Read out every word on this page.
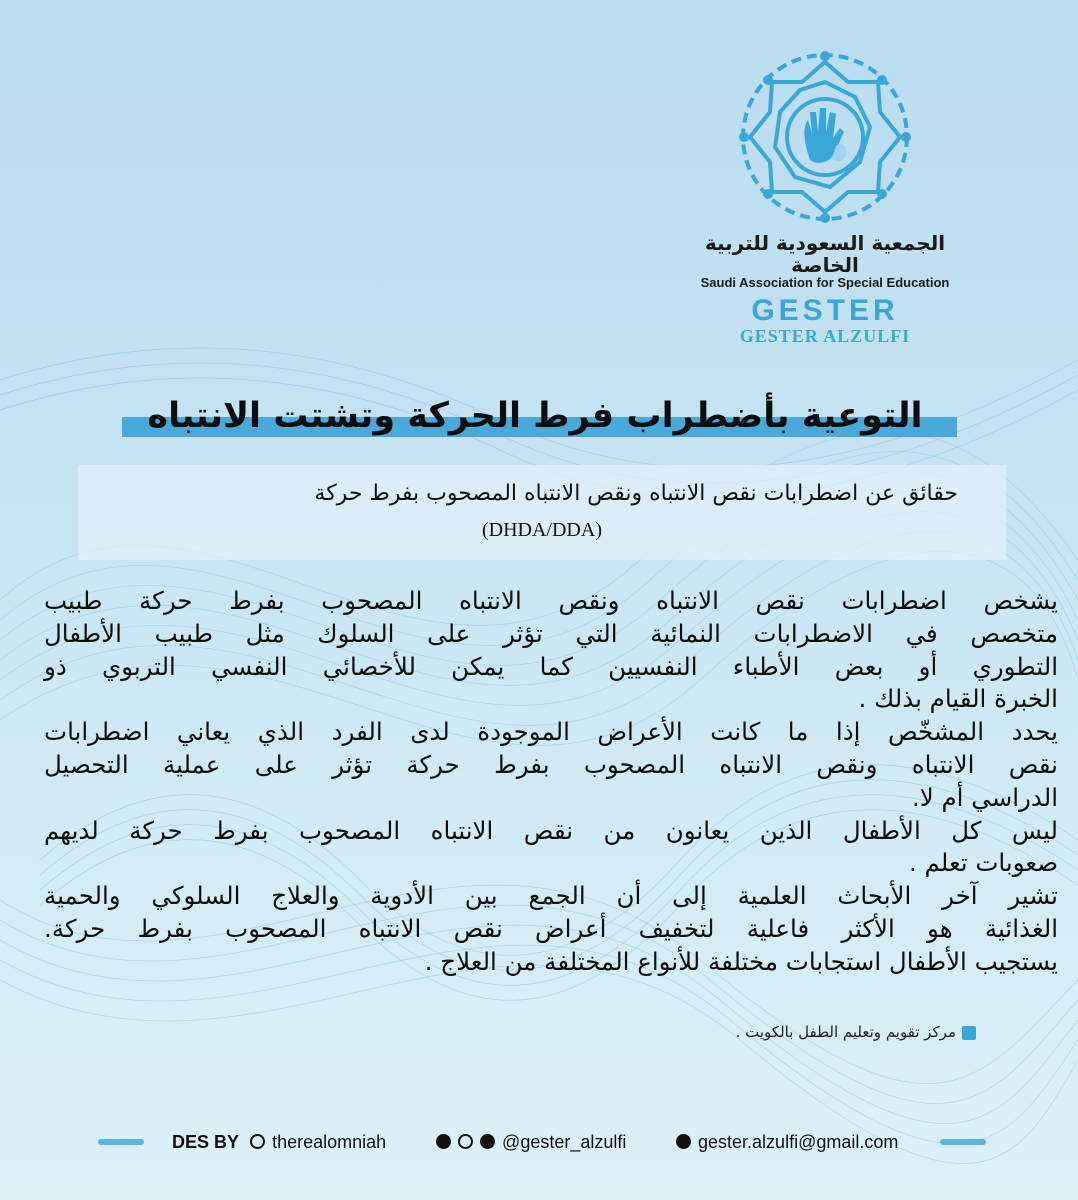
الجمعية السعودية للتربية الخاصة
Saudi Association for Special Education
GESTER
GESTER ALZULFI
التوعية بأضطراب فرط الحركة وتشتت الانتباه
حقائق عن اضطرابات نقص الانتباه ونقص الانتباه المصحوب بفرط حركة
(DHDA/DDA)
يشخص اضطرابات نقص الانتباه ونقص الانتباه المصحوب بفرط حركة طبيب
متخصص في الاضطرابات النمائية التي تؤثر على السلوك مثل طبيب الأطفال
التطوري أو بعض الأطباء النفسيين كما يمكن للأخصائي النفسي التربوي ذو
الخبرة القيام بذلك .
يحدد المشخّص إذا ما كانت الأعراض الموجودة لدى الفرد الذي يعاني اضطرابات
نقص الانتباه ونقص الانتباه المصحوب بفرط حركة تؤثر على عملية التحصيل
الدراسي أم لا.
ليس كل الأطفال الذين يعانون من نقص الانتباه المصحوب بفرط حركة لديهم
صعوبات تعلم .
تشير آخر الأبحاث العلمية إلى أن الجمع بين الأدوية والعلاج السلوكي والحمية
الغذائية هو الأكثر فاعلية لتخفيف أعراض نقص الانتباه المصحوب بفرط حركة.
يستجيب الأطفال استجابات مختلفة للأنواع المختلفة من العلاج .
مركز تقويم وتعليم الطفل بالكويت .
DES BY therealomniah	@gester_alzulfi	gester.alzulfi@gmail.com
